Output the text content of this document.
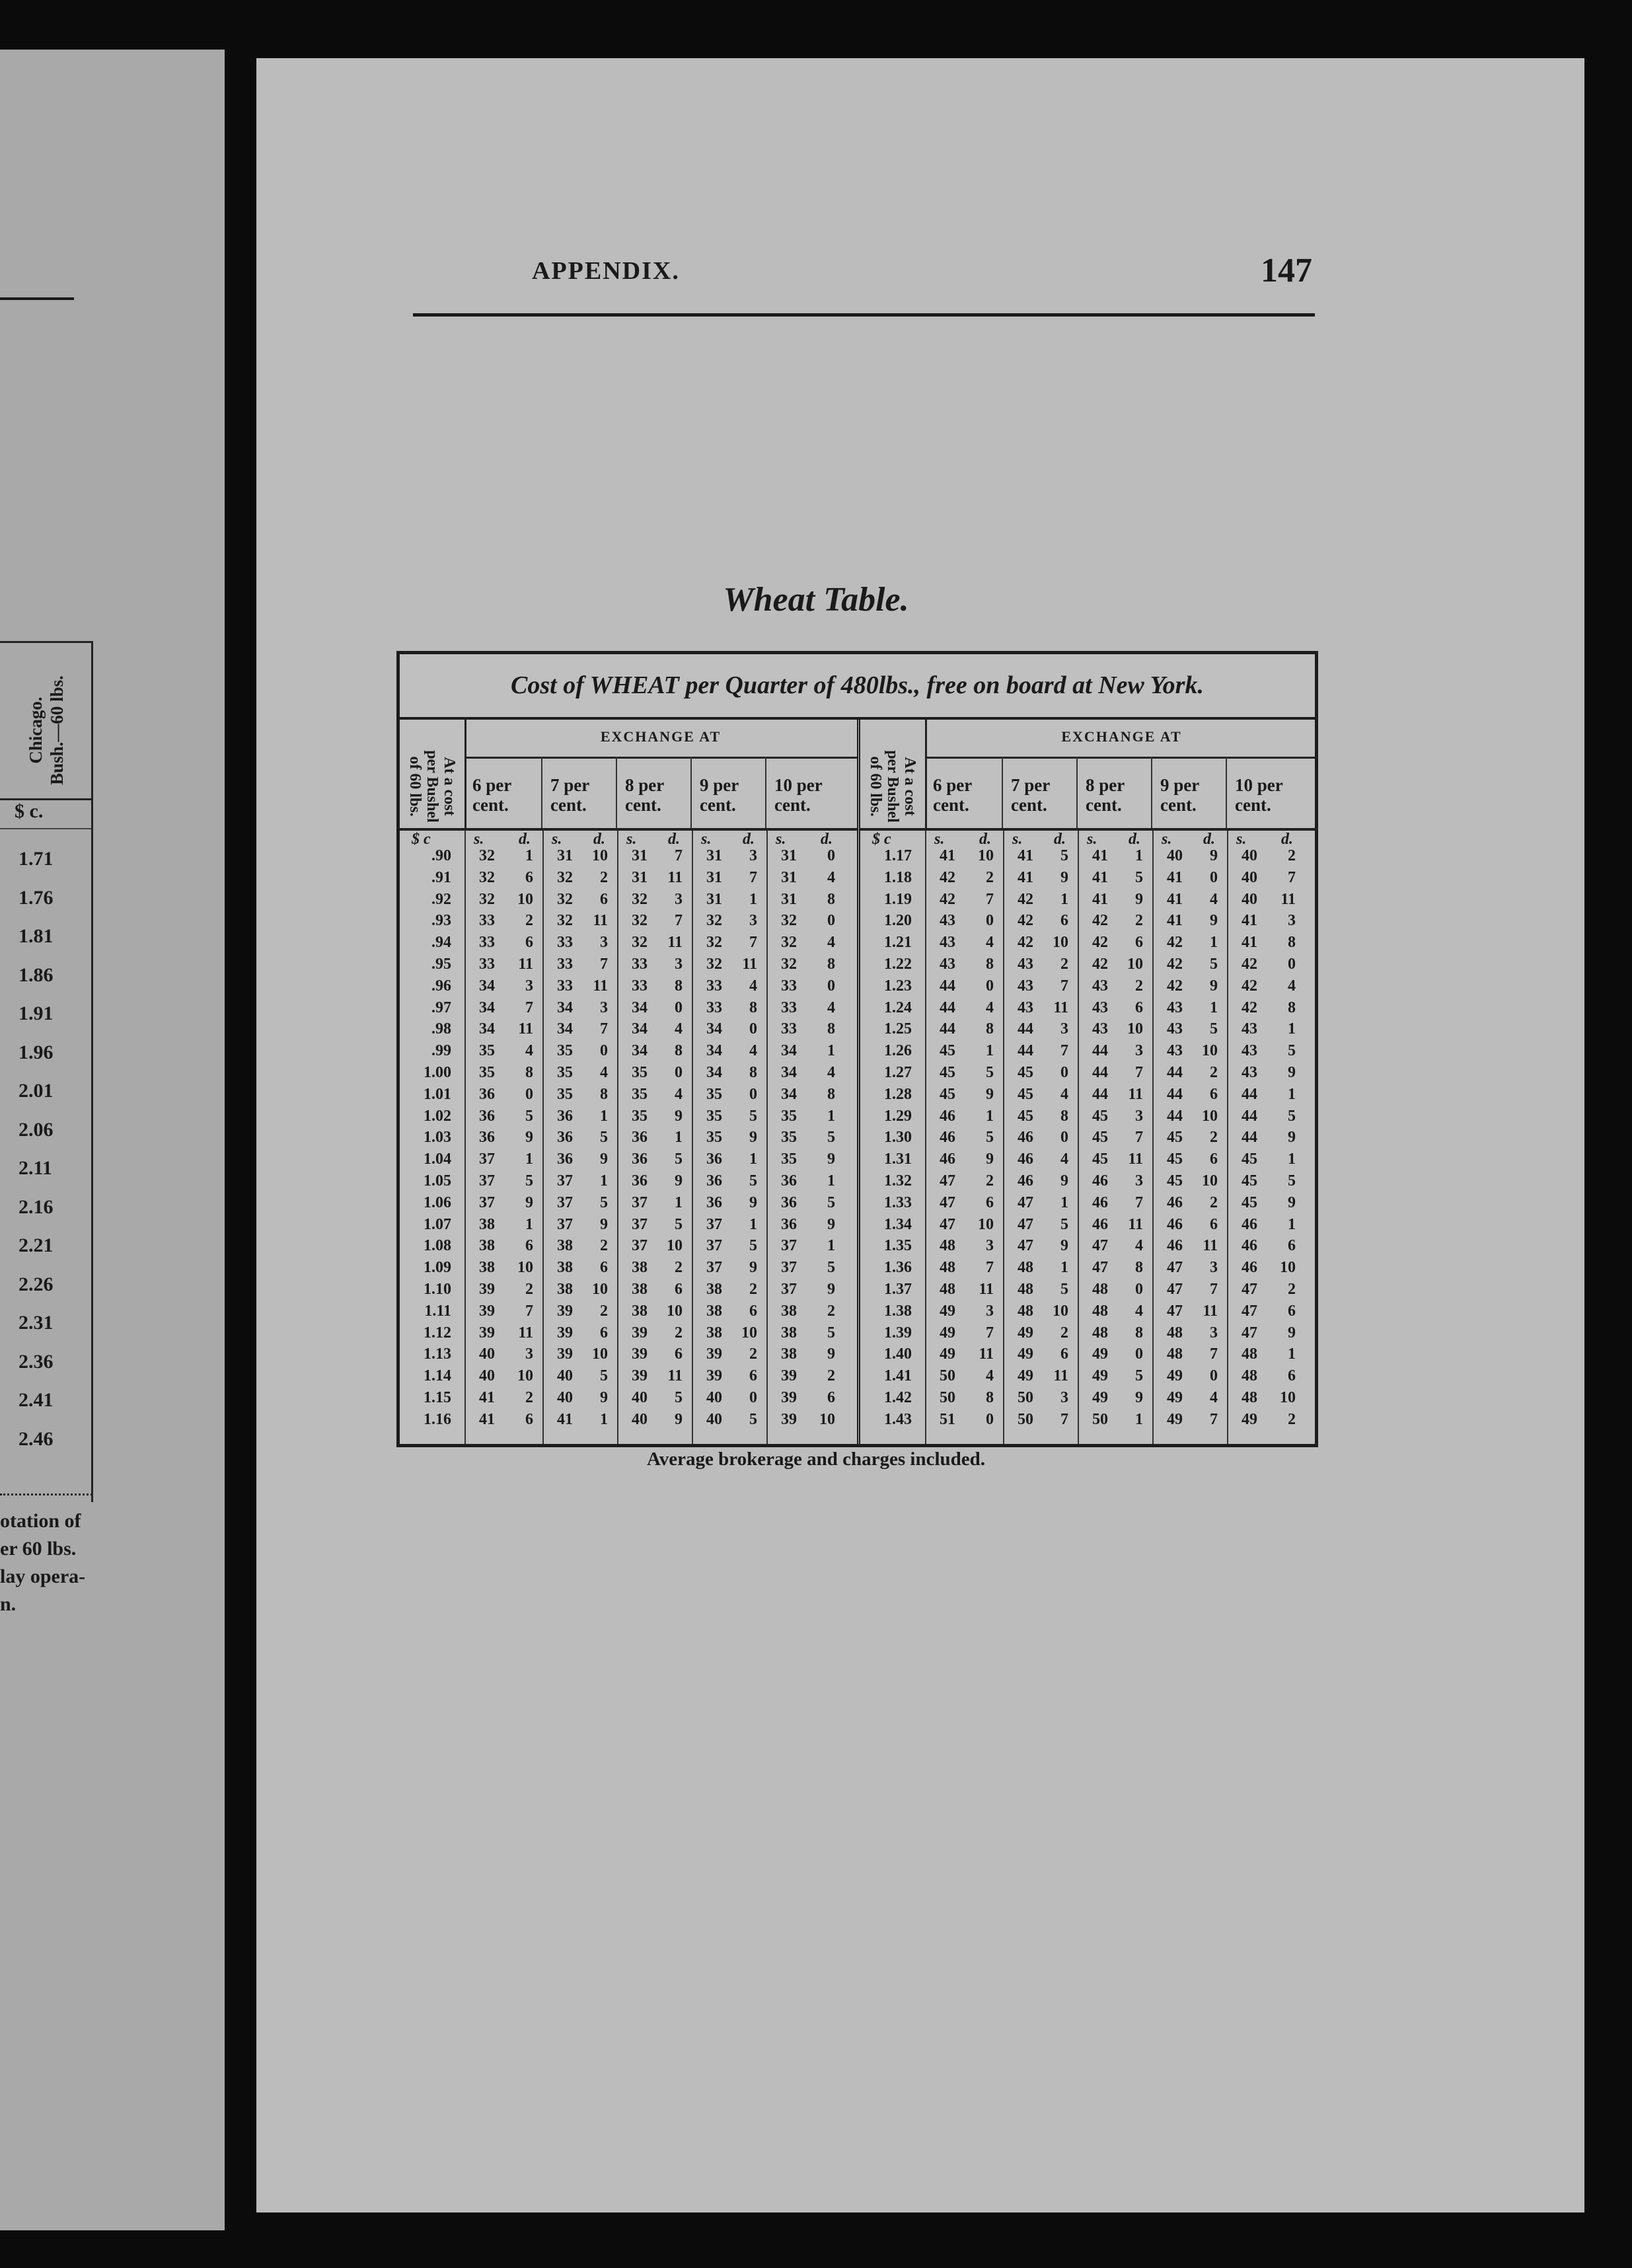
Chicago. Bush.—60 lbs.
$ c.
1.71
1.76
1.81
1.86
1.91
1.96
2.01
2.06
2.11
2.16
2.21
2.26
2.31
2.36
2.41
2.46
otation of
er 60 lbs.
lay opera-
n.
APPENDIX.	147
Wheat Table.
Cost of WHEAT per Quarter of 480lbs., free on board at New York.
At a cost
per Bushel
of 60 lbs.
EXCHANGE AT
6 per
cent.
7 per
cent.
8 per
cent.
9 per
cent.
10 per
cent.
$ c	s. d. s. d. s. d. s. d. s. d.
.90	32	1	31	10	31	7	31	3	31	0
.91	32	6	32	2	31	11	31	7	31	4
.92	32	10	32	6	32	3	31	1	31	8
.93	33	2	32	11	32	7	32	3	32	0
.94	33	6	33	3	32	11	32	7	32	4
.95	33	11	33	7	33	3	32	11	32	8
.96	34	3	33	11	33	8	33	4	33	0
.97	34	7	34	3	34	0	33	8	33	4
.98	34	11	34	7	34	4	34	0	33	8
.99	35	4	35	0	34	8	34	4	34	1
1.00	35	8	35	4	35	0	34	8	34	4
1.01	36	0	35	8	35	4	35	0	34	8
1.02	36	5	36	1	35	9	35	5	35	1
1.03	36	9	36	5	36	1	35	9	35	5
1.04	37	1	36	9	36	5	36	1	35	9
1.05	37	5	37	1	36	9	36	5	36	1
1.06	37	9	37	5	37	1	36	9	36	5
1.07	38	1	37	9	37	5	37	1	36	9
1.08	38	6	38	2	37	10	37	5	37	1
1.09	38	10	38	6	38	2	37	9	37	5
1.10	39	2	38	10	38	6	38	2	37	9
1.11	39	7	39	2	38	10	38	6	38	2
1.12	39	11	39	6	39	2	38	10	38	5
1.13	40	3	39	10	39	6	39	2	38	9
1.14	40	10	40	5	39	11	39	6	39	2
1.15	41	2	40	9	40	5	40	0	39	6
1.16	41	6	41	1	40	9	40	5	39	10
At a cost
per Bushel
of 60 lbs.
EXCHANGE AT
6 per
cent.
7 per
cent.
8 per
cent.
9 per
cent.
10 per
cent.
$ c	s. d. s. d. s. d. s. d. s. d.
1.17	41	10	41	5	41	1	40	9	40	2
1.18	42	2	41	9	41	5	41	0	40	7
1.19	42	7	42	1	41	9	41	4	40	11
1.20	43	0	42	6	42	2	41	9	41	3
1.21	43	4	42	10	42	6	42	1	41	8
1.22	43	8	43	2	42	10	42	5	42	0
1.23	44	0	43	7	43	2	42	9	42	4
1.24	44	4	43	11	43	6	43	1	42	8
1.25	44	8	44	3	43	10	43	5	43	1
1.26	45	1	44	7	44	3	43	10	43	5
1.27	45	5	45	0	44	7	44	2	43	9
1.28	45	9	45	4	44	11	44	6	44	1
1.29	46	1	45	8	45	3	44	10	44	5
1.30	46	5	46	0	45	7	45	2	44	9
1.31	46	9	46	4	45	11	45	6	45	1
1.32	47	2	46	9	46	3	45	10	45	5
1.33	47	6	47	1	46	7	46	2	45	9
1.34	47	10	47	5	46	11	46	6	46	1
1.35	48	3	47	9	47	4	46	11	46	6
1.36	48	7	48	1	47	8	47	3	46	10
1.37	48	11	48	5	48	0	47	7	47	2
1.38	49	3	48	10	48	4	47	11	47	6
1.39	49	7	49	2	48	8	48	3	47	9
1.40	49	11	49	6	49	0	48	7	48	1
1.41	50	4	49	11	49	5	49	0	48	6
1.42	50	8	50	3	49	9	49	4	48	10
1.43	51	0	50	7	50	1	49	7	49	2
Average brokerage and charges included.
